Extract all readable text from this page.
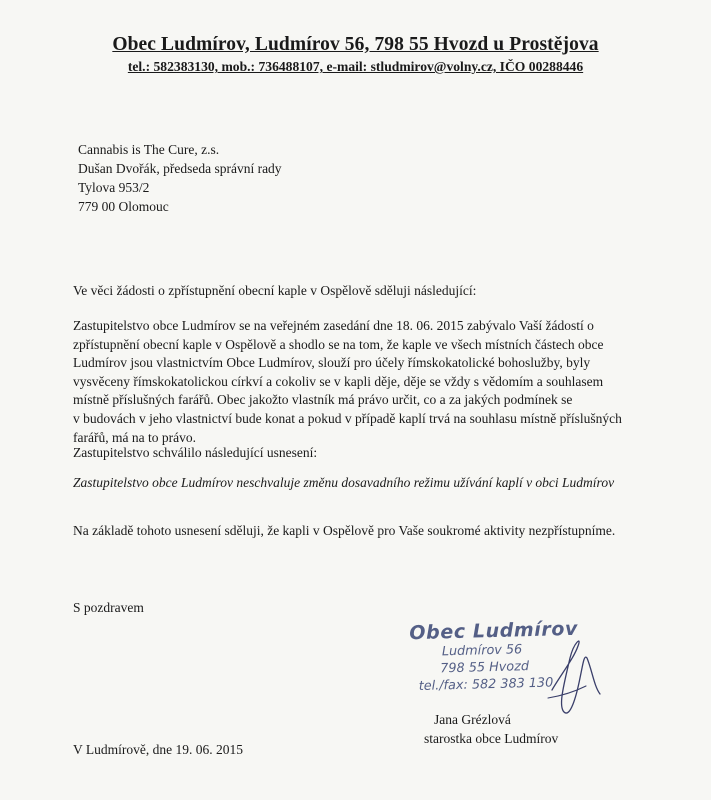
Obec Ludmírov, Ludmírov 56, 798 55 Hvozd u Prostějova
tel.: 582383130, mob.: 736488107, e-mail: stludmirov@volny.cz, IČO 00288446
Cannabis is The Cure, z.s.
Dušan Dvořák, předseda správní rady
Tylova 953/2
779 00 Olomouc
Ve věci žádosti o zpřístupnění obecní kaple v Ospělově sděluji následující:
Zastupitelstvo obce Ludmírov se na veřejném zasedání dne 18. 06. 2015 zabývalo Vaší žádostí o
zpřístupnění obecní kaple v Ospělově a shodlo se na tom, že kaple ve všech místních částech obce
Ludmírov jsou vlastnictvím Obce Ludmírov, slouží pro účely římskokatolické bohoslužby, byly
vysvěceny římskokatolickou církví a cokoliv se v kapli děje, děje se vždy s vědomím a souhlasem
místně příslušných farářů. Obec jakožto vlastník má právo určit, co a za jakých podmínek se
v budovách v jeho vlastnictví bude konat a pokud v případě kaplí trvá na souhlasu místně příslušných
farářů, má na to právo.
Zastupitelstvo schválilo následující usnesení:
Zastupitelstvo obce Ludmírov neschvaluje změnu dosavadního režimu užívání kaplí v obci Ludmírov
Na základě tohoto usnesení sděluji, že kapli v Ospělově pro Vaše soukromé aktivity nezpřístupníme.
S pozdravem
Obec Ludmírov
Ludmírov 56
798 55 Hvozd
tel./fax: 582 383 130
Jana Grézlová
starostka obce Ludmírov
V Ludmírově, dne 19. 06. 2015
